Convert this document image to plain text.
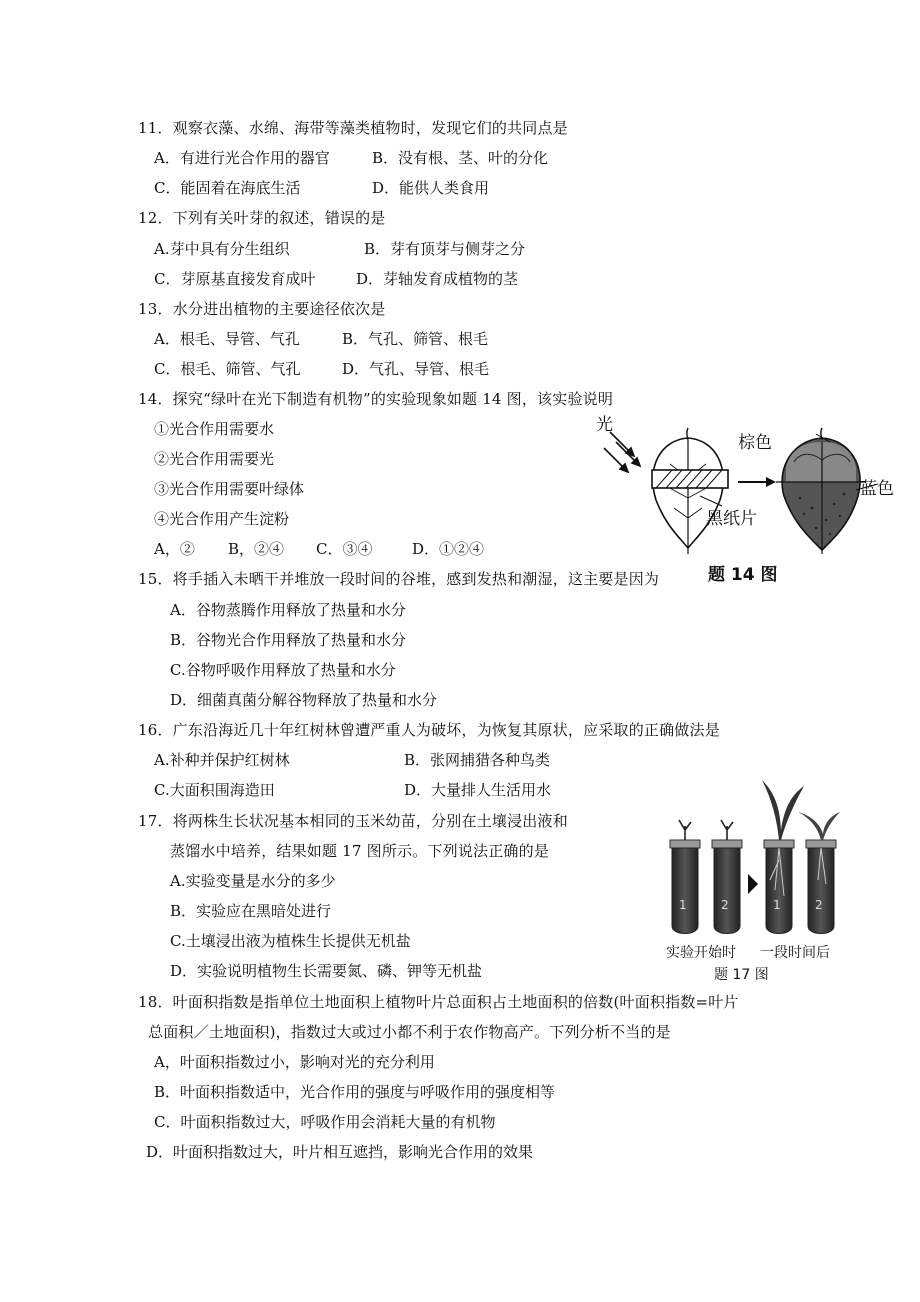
11．观察衣藻、水绵、海带等藻类植物时，发现它们的共同点是
A．有进行光合作用的器官	B．没有根、茎、叶的分化
C．能固着在海底生活	D．能供人类食用
12．下列有关叶芽的叙述，错误的是
A.芽中具有分生组织	B．芽有顶芽与侧芽之分
C．芽原基直接发育成叶	D．芽轴发育成植物的茎
13．水分进出植物的主要途径依次是
A．根毛、导管、气孔	B．气孔、筛管、根毛
C．根毛、筛管、气孔	D．气孔、导管、根毛
14．探究“绿叶在光下制造有机物”的实验现象如题 14 图，该实验说明
①光合作用需要水
②光合作用需要光
③光合作用需要叶绿体
④光合作用产生淀粉
A，② B，②④ C．③④	D．①②④
光
棕色
蓝色
黑纸片
题 14 图
15．将手插入未晒干并堆放一段时间的谷堆，感到发热和潮湿，这主要是因为
A．谷物蒸腾作用释放了热量和水分
B．谷物光合作用释放了热量和水分
C.谷物呼吸作用释放了热量和水分
D．细菌真菌分解谷物释放了热量和水分
16．广东沿海近几十年红树林曾遭严重人为破坏，为恢复其原状，应采取的正确做法是
A.补种并保护红树林	B．张网捕猎各种鸟类
C.大面积围海造田	D．大量排人生活用水
17．将两株生长状况基本相同的玉米幼苗，分别在土壤浸出液和
蒸馏水中培养，结果如题 17 图所示。下列说法正确的是
A.实验变量是水分的多少
B．实验应在黑暗处进行
C.土壤浸出液为植株生长提供无机盐
D．实验说明植物生长需要氮、磷、钾等无机盐
1	2	1	2
实验开始时 一段时间后
题 17 图
18．叶面积指数是指单位土地面积上植物叶片总面积占土地面积的倍数(叶面积指数=叶片
总面积／土地面积)，指数过大或过小都不利于农作物高产。下列分析不当的是
A，叶面积指数过小，影响对光的充分利用
B．叶面积指数适中，光合作用的强度与呼吸作用的强度相等
C．叶面积指数过大，呼吸作用会消耗大量的有机物
D．叶面积指数过大，叶片相互遮挡，影响光合作用的效果
